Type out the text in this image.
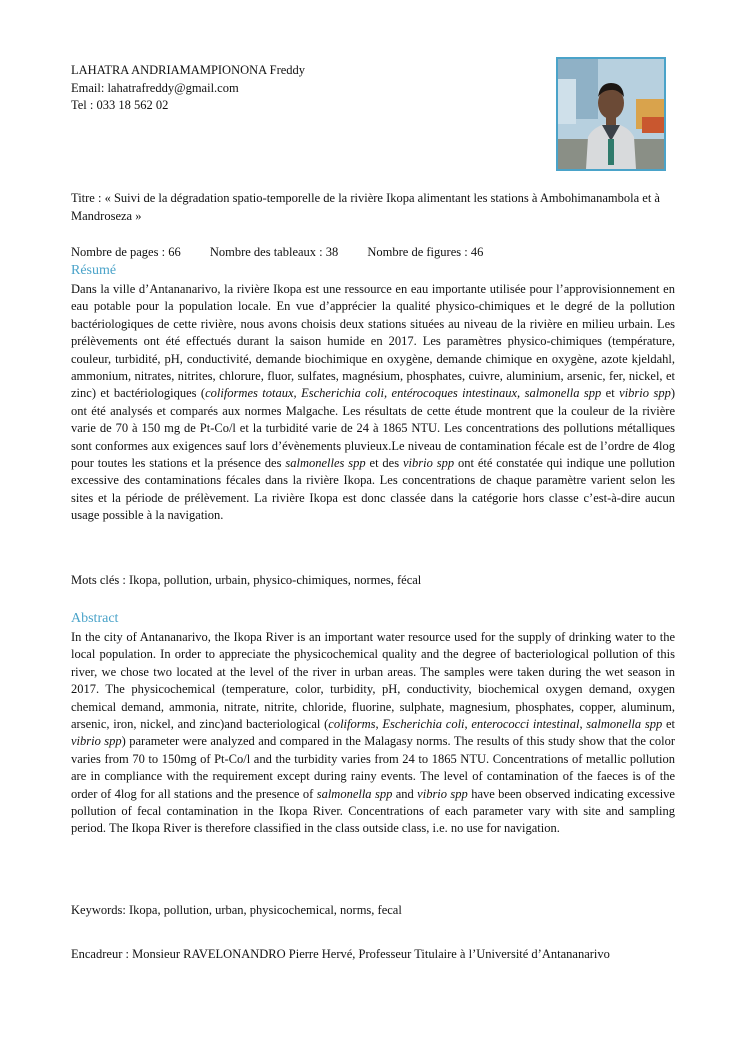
LAHATRA ANDRIAMAMPIONONA Freddy
Email: lahatrafreddy@gmail.com
Tel : 033 18 562 02
Titre : « Suivi de la dégradation spatio-temporelle de la rivière Ikopa alimentant les stations à Ambohimanambola et à Mandroseza »
Nombre de pages : 66 Nombre des tableaux : 38 Nombre de figures : 46
Résumé
Dans la ville d’Antananarivo, la rivière Ikopa est une ressource en eau importante utilisée pour l’approvisionnement en eau potable pour la population locale. En vue d’apprécier la qualité physico-chimiques et le degré de la pollution bactériologiques de cette rivière, nous avons choisis deux stations situées au niveau de la rivière en milieu urbain. Les prélèvements ont été effectués durant la saison humide en 2017. Les paramètres physico-chimiques (température, couleur, turbidité, pH, conductivité, demande biochimique en oxygène, demande chimique en oxygène, azote kjeldahl, ammonium, nitrates, nitrites, chlorure, fluor, sulfates, magnésium, phosphates, cuivre, aluminium, arsenic, fer, nickel, et zinc) et bactériologiques (coliformes totaux, Escherichia coli, entérocoques intestinaux, salmonella spp et vibrio spp) ont été analysés et comparés aux normes Malgache. Les résultats de cette étude montrent que la couleur de la rivière varie de 70 à 150 mg de Pt-Co/l et la turbidité varie de 24 à 1865 NTU. Les concentrations des pollutions métalliques sont conformes aux exigences sauf lors d’évènements pluvieux.Le niveau de contamination fécale est de l’ordre de 4log pour toutes les stations et la présence des salmonelles spp et des vibrio spp ont été constatée qui indique une pollution excessive des contaminations fécales dans la rivière Ikopa. Les concentrations de chaque paramètre varient selon les sites et la période de prélèvement. La rivière Ikopa est donc classée dans la catégorie hors classe c’est-à-dire aucun usage possible à la navigation.
Mots clés : Ikopa, pollution, urbain, physico-chimiques, normes, fécal
Abstract
In the city of Antananarivo, the Ikopa River is an important water resource used for the supply of drinking water to the local population. In order to appreciate the physicochemical quality and the degree of bacteriological pollution of this river, we chose two located at the level of the river in urban areas. The samples were taken during the wet season in 2017. The physicochemical (temperature, color, turbidity, pH, conductivity, biochemical oxygen demand, oxygen chemical demand, ammonia, nitrate, nitrite, chloride, fluorine, sulphate, magnesium, phosphates, copper, aluminum, arsenic, iron, nickel, and zinc)and bacteriological (coliforms, Escherichia coli, enterococci intestinal, salmonella spp et vibrio spp) parameter were analyzed and compared in the Malagasy norms. The results of this study show that the color varies from 70 to 150mg of Pt-Co/l and the turbidity varies from 24 to 1865 NTU. Concentrations of metallic pollution are in compliance with the requirement except during rainy events. The level of contamination of the faeces is of the order of 4log for all stations and the presence of salmonella spp and vibrio spp have been observed indicating excessive pollution of fecal contamination in the Ikopa River. Concentrations of each parameter vary with site and sampling period. The Ikopa River is therefore classified in the class outside class, i.e. no use for navigation.
Keywords: Ikopa, pollution, urban, physicochemical, norms, fecal
Encadreur : Monsieur RAVELONANDRO Pierre Hervé, Professeur Titulaire à l’Université d’Antananarivo
